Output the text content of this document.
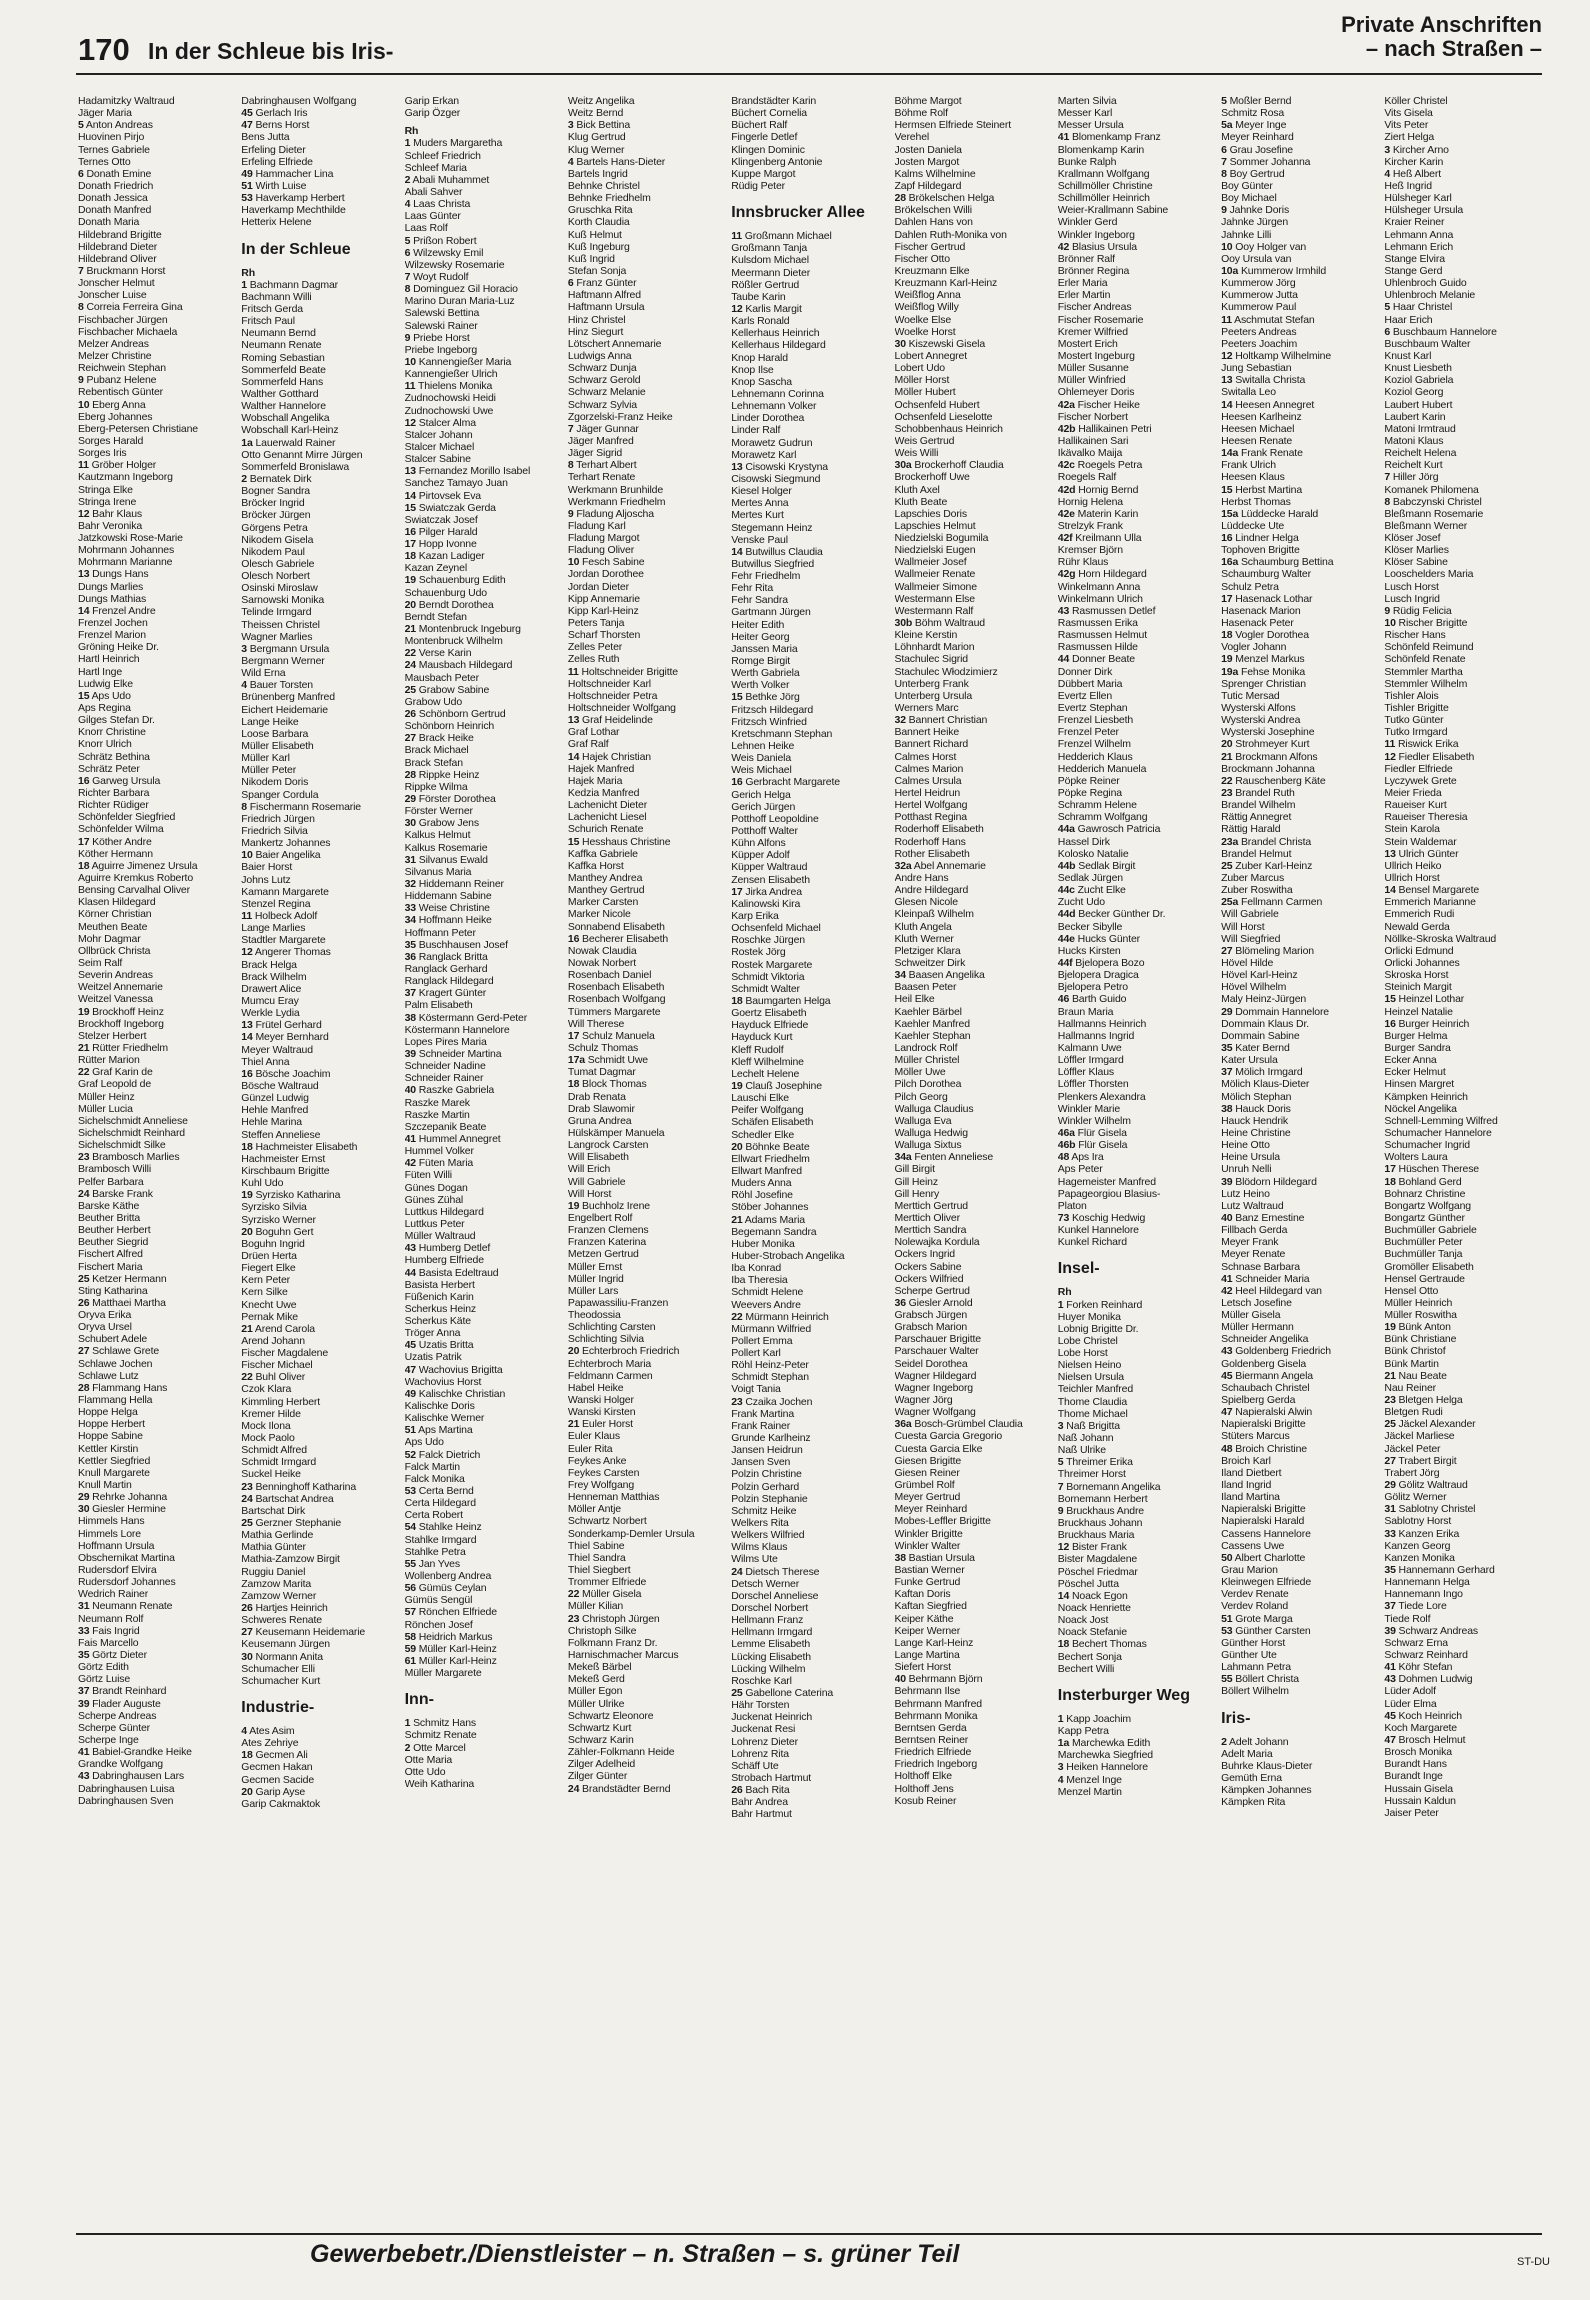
170 In der Schleue bis Iris-
Private Anschriften
– nach Straßen –
Hadamitzky Waltraud
Jäger Maria
5 Anton Andreas
Huovinen Pirjo
Ternes Gabriele
Ternes Otto
6 Donath Emine
Donath Friedrich
Donath Jessica
Donath Manfred
Donath Maria
Hildebrand Brigitte
Hildebrand Dieter
Hildebrand Oliver
7 Bruckmann Horst
Jonscher Helmut
Jonscher Luise
8 Correia Ferreira Gina
Fischbacher Jürgen
Fischbacher Michaela
Melzer Andreas
Melzer Christine
Reichwein Stephan
9 Pubanz Helene
Rebentisch Günter
10 Eberg Anna
Eberg Johannes
Eberg-Petersen Christiane
Sorges Harald
Sorges Iris
11 Gröber Holger
Kautzmann Ingeborg
Stringa Elke
Stringa Irene
12 Bahr Klaus
Bahr Veronika
Jatzkowski Rose-Marie
Mohrmann Johannes
Mohrmann Marianne
13 Dungs Hans
Dungs Marlies
Dungs Mathias
14 Frenzel Andre
Frenzel Jochen
Frenzel Marion
Gröning Heike Dr.
Hartl Heinrich
Hartl Inge
Ludwig Elke
15 Aps Udo
Aps Regina
Gilges Stefan Dr.
Knorr Christine
Knorr Ulrich
Schrätz Bethina
Schrätz Peter
16 Garweg Ursula
Richter Barbara
Richter Rüdiger
Schönfelder Siegfried
Schönfelder Wilma
17 Köther Andre
Köther Hermann
18 Aguirre Jimenez Ursula
Aguirre Kremkus Roberto
Bensing Carvalhal Oliver
Klasen Hildegard
Körner Christian
Meuthen Beate
Mohr Dagmar
Ollbrück Christa
Seim Ralf
Severin Andreas
Weitzel Annemarie
Weitzel Vanessa
19 Brockhoff Heinz
Brockhoff Ingeborg
Stelzer Herbert
21 Rütter Friedhelm
Rütter Marion
22 Graf Karin de
Graf Leopold de
Müller Heinz
Müller Lucia
Sichelschmidt Anneliese
Sichelschmidt Reinhard
Sichelschmidt Silke
23 Brambosch Marlies
Brambosch Willi
Pelfer Barbara
24 Barske Frank
Barske Käthe
Beuther Britta
Beuther Herbert
Beuther Siegrid
Fischert Alfred
Fischert Maria
25 Ketzer Hermann
Sting Katharina
26 Matthaei Martha
Oryva Erika
Oryva Ursel
Schubert Adele
27 Schlawe Grete
Schlawe Jochen
Schlawe Lutz
28 Flammang Hans
Flammang Hella
Hoppe Helga
Hoppe Herbert
Hoppe Sabine
Kettler Kirstin
Kettler Siegfried
Knull Margarete
Knull Martin
29 Rehrke Johanna
30 Giesler Hermine
Himmels Hans
Himmels Lore
Hoffmann Ursula
Obschernikat Martina
Rudersdorf Elvira
Rudersdorf Johannes
Wedrich Rainer
31 Neumann Renate
Neumann Rolf
33 Fais Ingrid
Fais Marcello
35 Görtz Dieter
Görtz Edith
Görtz Luise
37 Brandt Reinhard
39 Flader Auguste
Scherpe Andreas
Scherpe Günter
Scherpe Inge
41 Babiel-Grandke Heike
Grandke Wolfgang
43 Dabringhausen Lars
Dabringhausen Luisa
Dabringhausen Sven
Dabringhausen Wolfgang
45 Gerlach Iris
47 Berns Horst
Bens Jutta
Erfeling Dieter
Erfeling Elfriede
49 Hammacher Lina
51 Wirth Luise
53 Haverkamp Herbert
Haverkamp Mechthilde
Hetterix Helene
In der Schleue
Rh
1 Bachmann Dagmar
Bachmann Willi
Fritsch Gerda
Fritsch Paul
Neumann Bernd
Neumann Renate
Roming Sebastian
Sommerfeld Beate
Sommerfeld Hans
Walther Gotthard
Walther Hannelore
Wobschall Angelika
Wobschall Karl-Heinz
1a Lauerwald Rainer
Otto Genannt Mirre Jürgen
Sommerfeld Bronislawa
2 Bernatek Dirk
Bogner Sandra
Bröcker Ingrid
Bröcker Jürgen
Görgens Petra
Nikodem Gisela
Nikodem Paul
Olesch Gabriele
Olesch Norbert
Osinski Miroslaw
Sarnowski Monika
Telinde Irmgard
Theissen Christel
Wagner Marlies
3 Bergmann Ursula
Bergmann Werner
Wild Erna
4 Bauer Torsten
Brünenberg Manfred
Eichert Heidemarie
Lange Heike
Loose Barbara
Müller Elisabeth
Müller Karl
Müller Peter
Nikodem Doris
Spanger Cordula
8 Fischermann Rosemarie
Friedrich Jürgen
Friedrich Silvia
Mankertz Johannes
10 Baier Angelika
Baier Horst
Johns Lutz
Kamann Margarete
Stenzel Regina
11 Holbeck Adolf
Lange Marlies
Stadtler Margarete
12 Angerer Thomas
Brack Helga
Brack Wilhelm
Drawert Alice
Mumcu Eray
Werkle Lydia
13 Frütel Gerhard
14 Meyer Bernhard
Meyer Waltraud
Thiel Anna
16 Bösche Joachim
Bösche Waltraud
Günzel Ludwig
Hehle Manfred
Hehle Marina
Steffen Anneliese
18 Hachmeister Elisabeth
Hachmeister Ernst
Kirschbaum Brigitte
Kuhl Udo
19 Syrzisko Katharina
Syrzisko Silvia
Syrzisko Werner
20 Boguhn Gert
Boguhn Ingrid
Drüen Herta
Fiegert Elke
Kern Peter
Kern Silke
Knecht Uwe
Pernak Mike
21 Arend Carola
Arend Johann
Fischer Magdalene
Fischer Michael
22 Buhl Oliver
Czok Klara
Kimmling Herbert
Kremer Hilde
Mock Ilona
Mock Paolo
Schmidt Alfred
Schmidt Irmgard
Suckel Heike
23 Benninghoff Katharina
24 Bartschat Andrea
Bartschat Dirk
25 Gerzner Stephanie
Mathia Gerlinde
Mathia Günter
Mathia-Zamzow Birgit
Ruggiu Daniel
Zamzow Marita
Zamzow Werner
26 Hartjes Heinrich
Schweres Renate
27 Keusemann Heidemarie
Keusemann Jürgen
30 Normann Anita
Schumacher Elli
Schumacher Kurt
Industrie-
4 Ates Asim
Ates Zehriye
18 Gecmen Ali
Gecmen Hakan
Gecmen Sacide
20 Garip Ayse
Garip Cakmaktok
Garip Erkan
Garip Özger
Rh
1 Muders Margaretha
Schleef Friedrich
Schleef Maria
2 Abali Muhammet
Abali Sahver
4 Laas Christa
Laas Günter
Laas Rolf
5 Prißon Robert
6 Wilzewsky Emil
Wilzewsky Rosemarie
7 Woyt Rudolf
8 Dominguez Gil Horacio
Marino Duran Maria-Luz
Salewski Bettina
Salewski Rainer
9 Priebe Horst
Priebe Ingeborg
10 Kannengießer Maria
Kannengießer Ulrich
11 Thielens Monika
Zudnochowski Heidi
Zudnochowski Uwe
12 Stalcer Alma
Stalcer Johann
Stalcer Michael
Stalcer Sabine
13 Fernandez Morillo Isabel
Sanchez Tamayo Juan
14 Pirtovsek Eva
15 Swiatczak Gerda
Swiatczak Josef
16 Pilger Harald
17 Hopp Ivonne
18 Kazan Ladiger
Kazan Zeynel
19 Schauenburg Edith
Schauenburg Udo
20 Berndt Dorothea
Berndt Stefan
21 Montenbruck Ingeburg
Montenbruck Wilhelm
22 Verse Karin
24 Mausbach Hildegard
Mausbach Peter
25 Grabow Sabine
Grabow Udo
26 Schönborn Gertrud
Schönborn Heinrich
27 Brack Heike
Brack Michael
Brack Stefan
28 Rippke Heinz
Rippke Wilma
29 Förster Dorothea
Förster Werner
30 Grabow Jens
Kalkus Helmut
Kalkus Rosemarie
31 Silvanus Ewald
Silvanus Maria
32 Hiddemann Reiner
Hiddemann Sabine
33 Weise Christine
34 Hoffmann Heike
Hoffmann Peter
35 Buschhausen Josef
36 Ranglack Britta
Ranglack Gerhard
Ranglack Hildegard
37 Kragert Günter
Palm Elisabeth
38 Köstermann Gerd-Peter
Köstermann Hannelore
Lopes Pires Maria
39 Schneider Martina
Schneider Nadine
Schneider Rainer
40 Raszke Gabriela
Raszke Marek
Raszke Martin
Szczepanik Beate
41 Hummel Annegret
Hummel Volker
42 Füten Maria
Füten Willi
Günes Dogan
Günes Zühal
Luttkus Hildegard
Luttkus Peter
Müller Waltraud
43 Humberg Detlef
Humberg Elfriede
44 Basista Edeltraud
Basista Herbert
Füßenich Karin
Scherkus Heinz
Scherkus Käte
Tröger Anna
45 Uzatis Britta
Uzatis Patrik
47 Wachovius Brigitta
Wachovius Horst
49 Kalischke Christian
Kalischke Doris
Kalischke Werner
51 Aps Martina
Aps Udo
52 Falck Dietrich
Falck Martin
Falck Monika
53 Certa Bernd
Certa Hildegard
Certa Robert
54 Stahlke Heinz
Stahlke Irmgard
Stahlke Petra
55 Jan Yves
Wollenberg Andrea
56 Gümüs Ceylan
Gümüs Sengül
57 Rönchen Elfriede
Rönchen Josef
58 Heidrich Markus
59 Müller Karl-Heinz
61 Müller Karl-Heinz
Müller Margarete
Inn-
1 Schmitz Hans
Schmitz Renate
2 Otte Marcel
Otte Maria
Otte Udo
Weih Katharina
Weitz Angelika
Weitz Bernd
3 Bick Bettina
Klug Gertrud
Klug Werner
4 Bartels Hans-Dieter
Bartels Ingrid
Behnke Christel
Behnke Friedhelm
Gruschka Rita
Korth Claudia
Kuß Helmut
Kuß Ingeburg
Kuß Ingrid
Stefan Sonja
6 Franz Günter
Haftmann Alfred
Haftmann Ursula
Hinz Christel
Hinz Siegurt
Lötschert Annemarie
Ludwigs Anna
Schwarz Dunja
Schwarz Gerold
Schwarz Melanie
Schwarz Sylvia
Zgorzelski-Franz Heike
7 Jäger Gunnar
Jäger Manfred
Jäger Sigrid
8 Terhart Albert
Terhart Renate
Werkmann Brunhilde
Werkmann Friedhelm
9 Fladung Aljoscha
Fladung Karl
Fladung Margot
Fladung Oliver
10 Fesch Sabine
Jordan Dorothee
Jordan Dieter
Kipp Annemarie
Kipp Karl-Heinz
Peters Tanja
Scharf Thorsten
Zelles Peter
Zelles Ruth
11 Holtschneider Brigitte
Holtschneider Karl
Holtschneider Petra
Holtschneider Wolfgang
13 Graf Heidelinde
Graf Lothar
Graf Ralf
14 Hajek Christian
Hajek Manfred
Hajek Maria
Kedzia Manfred
Lachenicht Dieter
Lachenicht Liesel
Schurich Renate
15 Hesshaus Christine
Kaffka Gabriele
Kaffka Horst
Manthey Andrea
Manthey Gertrud
Marker Carsten
Marker Nicole
Sonnabend Elisabeth
16 Becherer Elisabeth
Nowak Claudia
Nowak Norbert
Rosenbach Daniel
Rosenbach Elisabeth
Rosenbach Wolfgang
Tümmers Margarete
Will Therese
17 Schulz Manuela
Schulz Thomas
17a Schmidt Uwe
Tumat Dagmar
18 Block Thomas
Drab Renata
Drab Slawomir
Gruna Andrea
Hülskämper Manuela
Langrock Carsten
Will Elisabeth
Will Erich
Will Gabriele
Will Horst
19 Buchholz Irene
Engelbert Rolf
Franzen Clemens
Franzen Katerina
Metzen Gertrud
Müller Ernst
Müller Ingrid
Müller Lars
Papawassiliu-Franzen
Theodossia
Schlichting Carsten
Schlichting Silvia
20 Echterbroch Friedrich
Echterbroch Maria
Feldmann Carmen
Habel Heike
Wanski Holger
Wanski Kirsten
21 Euler Horst
Euler Klaus
Euler Rita
Feykes Anke
Feykes Carsten
Frey Wolfgang
Henneman Matthias
Möller Antje
Schwartz Norbert
Sonderkamp-Demler Ursula
Thiel Sabine
Thiel Sandra
Thiel Siegbert
Trommer Elfriede
22 Müller Gisela
Müller Kilian
23 Christoph Jürgen
Christoph Silke
Folkmann Franz Dr.
Harnischmacher Marcus
Mekeß Bärbel
Mekeß Gerd
Müller Egon
Müller Ulrike
Schwartz Eleonore
Schwartz Kurt
Schwarz Karin
Zähler-Folkmann Heide
Zilger Adelheid
Zilger Günter
24 Brandstädter Bernd
Brandstädter Karin
Büchert Cornelia
Büchert Ralf
Fingerle Detlef
Klingen Dominic
Klingenberg Antonie
Kuppe Margot
Rüdig Peter
Innsbrucker Allee
11 Großmann Michael
Großmann Tanja
Kulsdom Michael
Meermann Dieter
Rößler Gertrud
Taube Karin
12 Karlis Margit
Karls Ronald
Kellerhaus Heinrich
Kellerhaus Hildegard
Knop Harald
Knop Ilse
Knop Sascha
Lehnemann Corinna
Lehnemann Volker
Linder Dorothea
Linder Ralf
Morawetz Gudrun
Morawetz Karl
13 Cisowski Krystyna
Cisowski Siegmund
Kiesel Holger
Mertes Anna
Mertes Kurt
Stegemann Heinz
Venske Paul
14 Butwillus Claudia
Butwillus Siegfried
Fehr Friedhelm
Fehr Rita
Fehr Sandra
Gartmann Jürgen
Heiter Edith
Heiter Georg
Janssen Maria
Romge Birgit
Werth Gabriela
Werth Volker
15 Bethke Jörg
Fritzsch Hildegard
Fritzsch Winfried
Kretschmann Stephan
Lehnen Heike
Weis Daniela
Weis Michael
16 Gerbracht Margarete
Gerich Helga
Gerich Jürgen
Potthoff Leopoldine
Potthoff Walter
Kühn Alfons
Küpper Adolf
Küpper Waltraud
Zensen Elisabeth
17 Jirka Andrea
Kalinowski Kira
Karp Erika
Ochsenfeld Michael
Roschke Jürgen
Rostek Jörg
Rostek Margarete
Schmidt Viktoria
Schmidt Walter
18 Baumgarten Helga
Goertz Elisabeth
Hayduck Elfriede
Hayduck Kurt
Kleff Rudolf
Kleff Wilhelmine
Lechelt Helene
19 Clauß Josephine
Lauschi Elke
Peifer Wolfgang
Schäfen Elisabeth
Schedler Elke
20 Böhnke Beate
Ellwart Friedhelm
Ellwart Manfred
Muders Anna
Röhl Josefine
Stöber Johannes
21 Adams Maria
Begemann Sandra
Huber Monika
Huber-Strobach Angelika
Iba Konrad
Iba Theresia
Schmidt Helene
Weevers Andre
22 Mürmann Heinrich
Mürmann Wilfried
Pollert Emma
Pollert Karl
Röhl Heinz-Peter
Schmidt Stephan
Voigt Tania
23 Czaika Jochen
Frank Martina
Frank Rainer
Grunde Karlheinz
Jansen Heidrun
Jansen Sven
Polzin Christine
Polzin Gerhard
Polzin Stephanie
Schmitz Heike
Welkers Rita
Welkers Wilfried
Wilms Klaus
Wilms Ute
24 Dietsch Therese
Detsch Werner
Dorschel Anneliese
Dorschel Norbert
Hellmann Franz
Hellmann Irmgard
Lemme Elisabeth
Lücking Elisabeth
Lücking Wilhelm
Roschke Karl
25 Gabellone Caterina
Hähr Torsten
Juckenat Heinrich
Juckenat Resi
Lohrenz Dieter
Lohrenz Rita
Schäff Ute
Strobach Hartmut
26 Bach Rita
Bahr Andrea
Bahr Hartmut
Böhme Margot
Böhme Rolf
Hermsen Elfriede Steinert
Verehel
Josten Daniela
Josten Margot
Kalms Wilhelmine
Zapf Hildegard
28 Brökelschen Helga
Brökelschen Willi
Dahlen Hans von
Dahlen Ruth-Monika von
Fischer Gertrud
Fischer Otto
Kreuzmann Elke
Kreuzmann Karl-Heinz
Weißflog Anna
Weißflog Willy
Woelke Else
Woelke Horst
30 Kiszewski Gisela
Lobert Annegret
Lobert Udo
Möller Horst
Möller Hubert
Ochsenfeld Hubert
Ochsenfeld Lieselotte
Schobbenhaus Heinrich
Weis Gertrud
Weis Willi
30a Brockerhoff Claudia
Brockerhoff Uwe
Kluth Axel
Kluth Beate
Lapschies Doris
Lapschies Helmut
Niedzielski Bogumila
Niedzielski Eugen
Wallmeier Josef
Wallmeier Renate
Wallmeier Simone
Westermann Else
Westermann Ralf
30b Böhm Waltraud
Kleine Kerstin
Löhnhardt Marion
Stachulec Sigrid
Stachulec Włodzimierz
Unterberg Frank
Unterberg Ursula
Werners Marc
32 Bannert Christian
Bannert Heike
Bannert Richard
Calmes Horst
Calmes Marion
Calmes Ursula
Hertel Heidrun
Hertel Wolfgang
Potthast Regina
Roderhoff Elisabeth
Roderhoff Hans
Rother Elisabeth
32a Abel Annemarie
Andre Hans
Andre Hildegard
Glesen Nicole
Kleinpaß Wilhelm
Kluth Angela
Kluth Werner
Pletziger Klara
Schweitzer Dirk
34 Baasen Angelika
Baasen Peter
Heil Elke
Kaehler Bärbel
Kaehler Manfred
Kaehler Stephan
Landrock Rolf
Müller Christel
Möller Uwe
Pilch Dorothea
Pilch Georg
Walluga Claudius
Walluga Eva
Walluga Hedwig
Walluga Sixtus
34a Fenten Anneliese
Gill Birgit
Gill Heinz
Gill Henry
Merttich Gertrud
Merttich Oliver
Merttich Sandra
Nolewajka Kordula
Ockers Ingrid
Ockers Sabine
Ockers Wilfried
Scherpe Gertrud
36 Giesler Arnold
Grabsch Jürgen
Grabsch Marion
Parschauer Brigitte
Parschauer Walter
Seidel Dorothea
Wagner Hildegard
Wagner Ingeborg
Wagner Jörg
Wagner Wolfgang
36a Bosch-Grümbel Claudia
Cuesta Garcia Gregorio
Cuesta Garcia Elke
Giesen Brigitte
Giesen Reiner
Grümbel Rolf
Meyer Gertrud
Meyer Reinhard
Mobes-Leffler Brigitte
Winkler Brigitte
Winkler Walter
38 Bastian Ursula
Bastian Werner
Funke Gertrud
Kaftan Doris
Kaftan Siegfried
Keiper Käthe
Keiper Werner
Lange Karl-Heinz
Lange Martina
Siefert Horst
40 Behrmann Björn
Behrmann Ilse
Behrmann Manfred
Behrmann Monika
Berntsen Gerda
Berntsen Reiner
Friedrich Elfriede
Friedrich Ingeborg
Holthoff Elke
Holthoff Jens
Kosub Reiner
Marten Silvia
Messer Karl
Messer Ursula
41 Blomenkamp Franz
Blomenkamp Karin
Bunke Ralph
Krallmann Wolfgang
Schillmöller Christine
Schillmöller Heinrich
Weier-Krallmann Sabine
Winkler Gerd
Winkler Ingeborg
42 Blasius Ursula
Brönner Ralf
Brönner Regina
Erler Maria
Erler Martin
Fischer Andreas
Fischer Rosemarie
Kremer Wilfried
Mostert Erich
Mostert Ingeburg
Müller Susanne
Müller Winfried
Ohlemeyer Doris
42a Fischer Heike
Fischer Norbert
42b Hallikainen Petri
Hallikainen Sari
Ikävalko Maija
42c Roegels Petra
Roegels Ralf
42d Hornig Bernd
Hornig Helena
42e Materin Karin
Strelzyk Frank
42f Kreilmann Ulla
Kremser Björn
Rühr Klaus
42g Horn Hildegard
Winkelmann Anna
Winkelmann Ulrich
43 Rasmussen Detlef
Rasmussen Erika
Rasmussen Helmut
Rasmussen Hilde
44 Donner Beate
Donner Dirk
Dübbert Maria
Evertz Ellen
Evertz Stephan
Frenzel Liesbeth
Frenzel Peter
Frenzel Wilhelm
Hedderich Klaus
Hedderich Manuela
Pöpke Reiner
Pöpke Regina
Schramm Helene
Schramm Wolfgang
44a Gawrosch Patricia
Hassel Dirk
Kolosko Natalie
44b Sedlak Birgit
Sedlak Jürgen
44c Zucht Elke
Zucht Udo
44d Becker Günther Dr.
Becker Sibylle
44e Hucks Günter
Hucks Kirsten
44f Bjelopera Bozo
Bjelopera Dragica
Bjelopera Petro
46 Barth Guido
Braun Maria
Hallmanns Heinrich
Hallmanns Ingrid
Kalmann Uwe
Löffler Irmgard
Löffler Klaus
Löffler Thorsten
Plenkers Alexandra
Winkler Marie
Winkler Wilhelm
46a Flür Gisela
46b Flür Gisela
48 Aps Ira
Aps Peter
Hagemeister Manfred
Papageorgiou Blasius-
Platon
73 Koschig Hedwig
Kunkel Hannelore
Kunkel Richard
Insel-
Rh
1 Forken Reinhard
Huyer Monika
Lobnig Brigitte Dr.
Lobe Christel
Lobe Horst
Nielsen Heino
Nielsen Ursula
Teichler Manfred
Thome Claudia
Thome Michael
3 Naß Brigitta
Naß Johann
Naß Ulrike
5 Threimer Erika
Threimer Horst
7 Bornemann Angelika
Bornemann Herbert
9 Bruckhaus Andre
Bruckhaus Johann
Bruckhaus Maria
12 Bister Frank
Bister Magdalene
Pöschel Friedmar
Pöschel Jutta
14 Noack Egon
Noack Henriette
Noack Jost
Noack Stefanie
18 Bechert Thomas
Bechert Sonja
Bechert Willi
Insterburger Weg
1 Kapp Joachim
Kapp Petra
1a Marchewka Edith
Marchewka Siegfried
3 Heiken Hannelore
4 Menzel Inge
Menzel Martin
5 Moßler Bernd
Schmitz Rosa
5a Meyer Inge
Meyer Reinhard
6 Grau Josefine
7 Sommer Johanna
8 Boy Gertrud
Boy Günter
Boy Michael
9 Jahnke Doris
Jahnke Jürgen
Jahnke Lilli
10 Ooy Holger van
Ooy Ursula van
10a Kummerow Irmhild
Kummerow Jörg
Kummerow Jutta
Kummerow Paul
11 Aschmutat Stefan
Peeters Andreas
Peeters Joachim
12 Holtkamp Wilhelmine
Jung Sebastian
13 Switalla Christa
Switalla Leo
14 Heesen Annegret
Heesen Karlheinz
Heesen Michael
Heesen Renate
14a Frank Renate
Frank Ulrich
Heesen Klaus
15 Herbst Martina
Herbst Thomas
15a Lüddecke Harald
Lüddecke Ute
16 Lindner Helga
Tophoven Brigitte
16a Schaumburg Bettina
Schaumburg Walter
Schulz Petra
17 Hasenack Lothar
Hasenack Marion
Hasenack Peter
18 Vogler Dorothea
Vogler Johann
19 Menzel Markus
19a Fehse Monika
Sprenger Christian
Tutic Mersad
Wysterski Alfons
Wysterski Andrea
Wysterski Josephine
20 Strohmeyer Kurt
21 Brockmann Alfons
Brockmann Johanna
22 Rauschenberg Käte
23 Brandel Ruth
Brandel Wilhelm
Rättig Annegret
Rättig Harald
23a Brandel Christa
Brandel Helmut
25 Zuber Karl-Heinz
Zuber Marcus
Zuber Roswitha
25a Fellmann Carmen
Will Gabriele
Will Horst
Will Siegfried
27 Blömeling Marion
Hövel Hilde
Hövel Karl-Heinz
Hövel Wilhelm
Maly Heinz-Jürgen
29 Dommain Hannelore
Dommain Klaus Dr.
Dommain Sabine
35 Kater Bernd
Kater Ursula
37 Mölich Irmgard
Mölich Klaus-Dieter
Mölich Stephan
38 Hauck Doris
Hauck Hendrik
Heine Christine
Heine Otto
Heine Ursula
Unruh Nelli
39 Blödorn Hildegard
Lutz Heino
Lutz Waltraud
40 Banz Ernestine
Fillbach Gerda
Meyer Frank
Meyer Renate
Schnase Barbara
41 Schneider Maria
42 Heel Hildegard van
Letsch Josefine
Müller Gisela
Müller Hermann
Schneider Angelika
43 Goldenberg Friedrich
Goldenberg Gisela
45 Biermann Angela
Schaubach Christel
Spielberg Gerda
47 Napieralski Alwin
Napieralski Brigitte
Stüters Marcus
48 Broich Christine
Broich Karl
Iland Dietbert
Iland Ingrid
Iland Martina
Napieralski Brigitte
Napieralski Harald
Cassens Hannelore
Cassens Uwe
50 Albert Charlotte
Grau Marion
Kleinwegen Elfriede
Verdev Renate
Verdev Roland
51 Grote Marga
53 Günther Carsten
Günther Horst
Günther Ute
Lahmann Petra
55 Böllert Christa
Böllert Wilhelm
Iris-
2 Adelt Johann
Adelt Maria
Buhrke Klaus-Dieter
Gemüth Erna
Kämpken Johannes
Kämpken Rita
Köller Christel
Vits Gisela
Vits Peter
Ziert Helga
3 Kircher Arno
Kircher Karin
4 Heß Albert
Heß Ingrid
Hülsheger Karl
Hülsheger Ursula
Kraier Reiner
Lehmann Anna
Lehmann Erich
Stange Elvira
Stange Gerd
Uhlenbroch Guido
Uhlenbroch Melanie
5 Haar Christel
Haar Erich
6 Buschbaum Hannelore
Buschbaum Walter
Knust Karl
Knust Liesbeth
Koziol Gabriela
Koziol Georg
Laubert Hubert
Laubert Karin
Matoni Irmtraud
Matoni Klaus
Reichelt Helena
Reichelt Kurt
7 Hiller Jörg
Komanek Philomena
8 Babczynski Christel
Bleßmann Rosemarie
Bleßmann Werner
Klöser Josef
Klöser Marlies
Klöser Sabine
Looschelders Maria
Lusch Horst
Lusch Ingrid
9 Rüdig Felicia
10 Rischer Brigitte
Rischer Hans
Schönfeld Reimund
Schönfeld Renate
Stemmler Martha
Stemmler Wilhelm
Tishler Alois
Tishler Brigitte
Tutko Günter
Tutko Irmgard
11 Riswick Erika
12 Fiedler Elisabeth
Fiedler Elfriede
Lyczywek Grete
Meier Frieda
Raueiser Kurt
Raueiser Theresia
Stein Karola
Stein Waldemar
13 Ulrich Günter
Ullrich Heiko
Ullrich Horst
14 Bensel Margarete
Emmerich Marianne
Emmerich Rudi
Newald Gerda
Nöllke-Skroska Waltraud
Orlicki Edmund
Orlicki Johannes
Skroska Horst
Steinich Margit
15 Heinzel Lothar
Heinzel Natalie
16 Burger Heinrich
Burger Helma
Burger Sandra
Ecker Anna
Ecker Helmut
Hinsen Margret
Kämpken Heinrich
Nöckel Angelika
Schnell-Lemming Wilfred
Schumacher Hannelore
Schumacher Ingrid
Wolters Laura
17 Hüschen Therese
18 Bohland Gerd
Bohnarz Christine
Bongartz Wolfgang
Bongartz Günther
Buchmüller Gabriele
Buchmüller Peter
Buchmüller Tanja
Gromöller Elisabeth
Hensel Gertraude
Hensel Otto
Müller Heinrich
Müller Roswitha
19 Bünk Anton
Bünk Christiane
Bünk Christof
Bünk Martin
21 Nau Beate
Nau Reiner
23 Bletgen Helga
Bletgen Rudi
25 Jäckel Alexander
Jäckel Marliese
Jäckel Peter
27 Trabert Birgit
Trabert Jörg
29 Gölitz Waltraud
Gölitz Werner
31 Sablotny Christel
Sablotny Horst
33 Kanzen Erika
Kanzen Georg
Kanzen Monika
35 Hannemann Gerhard
Hannemann Helga
Hannemann Ingo
37 Tiede Lore
Tiede Rolf
39 Schwarz Andreas
Schwarz Erna
Schwarz Reinhard
41 Köhr Stefan
43 Dohmen Ludwig
Lüder Adolf
Lüder Elma
45 Koch Heinrich
Koch Margarete
47 Brosch Helmut
Brosch Monika
Burandt Hans
Burandt Inge
Hussain Gisela
Hussain Kaldun
Jaiser Peter
Gewerbebetr./Dienstleister – n. Straßen – s. grüner Teil	ST-DU
